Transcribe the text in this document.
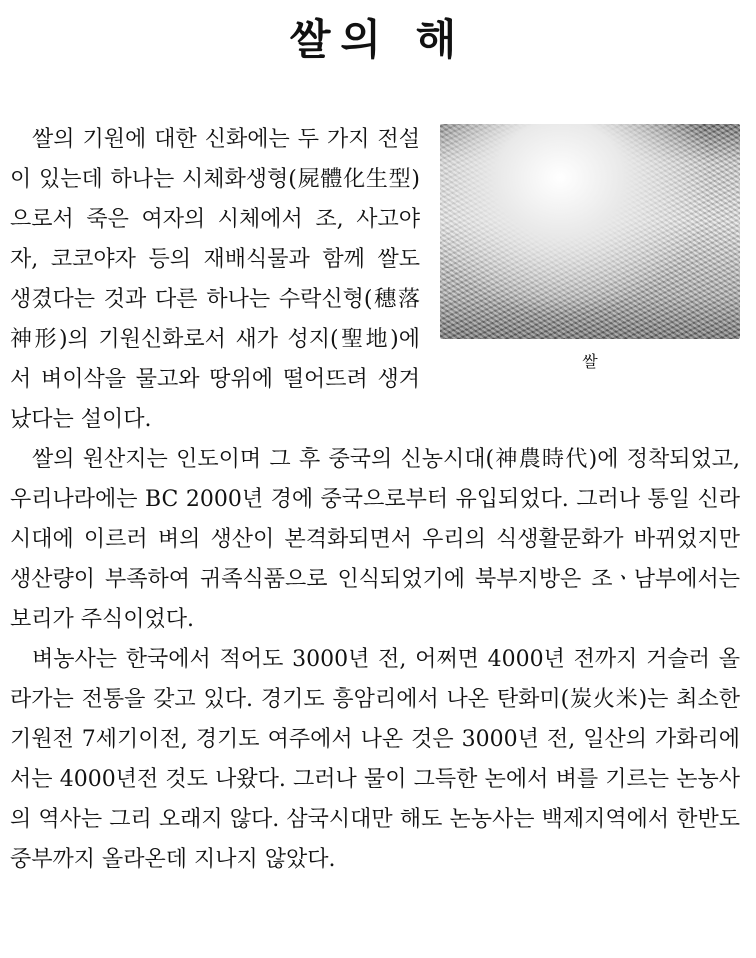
쌀의 해
쌀

쌀의 기원에 대한 신화에는 두 가지 전설이 있는데 하나는 시체화생형(屍體化生型)으로서 죽은 여자의 시체에서 조, 사고야자, 코코야자 등의 재배식물과 함께 쌀도 생겼다는 것과 다른 하나는 수락신형(穗落神形)의 기원신화로서 새가 성지(聖地)에서 벼이삭을 물고와 땅위에 떨어뜨려 생겨났다는 설이다.

쌀의 원산지는 인도이며 그 후 중국의 신농시대(神農時代)에 정착되었고, 우리나라에는 BC 2000년 경에 중국으로부터 유입되었다. 그러나 통일 신라시대에 이르러 벼의 생산이 본격화되면서 우리의 식생활문화가 바뀌었지만 생산량이 부족하여 귀족식품으로 인식되었기에 북부지방은 조ㆍ남부에서는 보리가 주식이었다.

벼농사는 한국에서 적어도 3000년 전, 어쩌면 4000년 전까지 거슬러 올라가는 전통을 갖고 있다. 경기도 흥암리에서 나온 탄화미(炭火米)는 최소한 기원전 7세기이전, 경기도 여주에서 나온 것은 3000년 전, 일산의 가화리에서는 4000년전 것도 나왔다. 그러나 물이 그득한 논에서 벼를 기르는 논농사의 역사는 그리 오래지 않다. 삼국시대만 해도 논농사는 백제지역에서 한반도 중부까지 올라온데 지나지 않았다.
